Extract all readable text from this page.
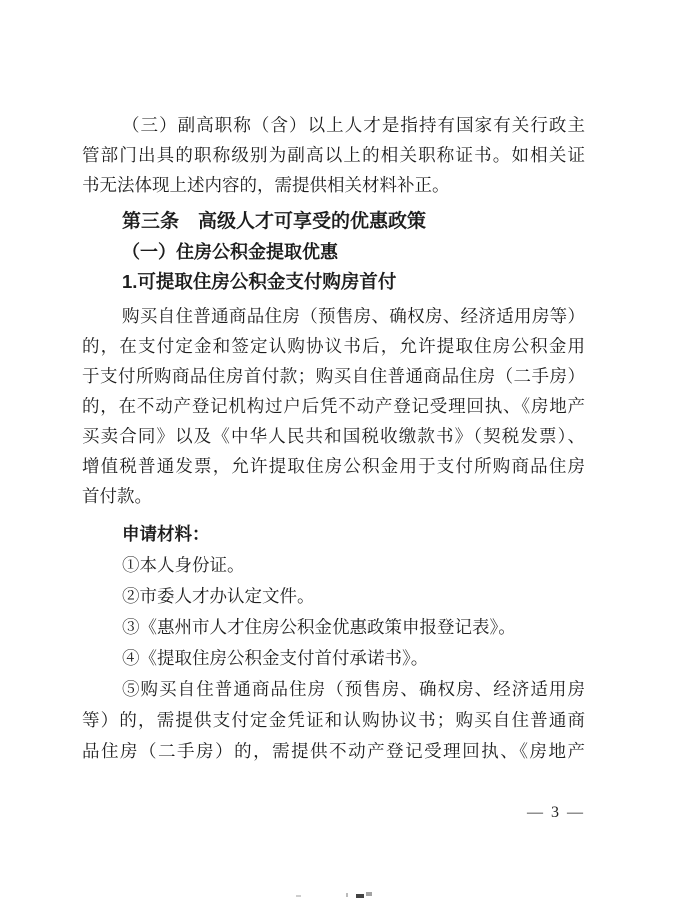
（三）副高职称（含）以上人才是指持有国家有关行政主
管部门出具的职称级别为副高以上的相关职称证书。如相关证
书无法体现上述内容的，需提供相关材料补正。
第三条　高级人才可享受的优惠政策
（一）住房公积金提取优惠
1.可提取住房公积金支付购房首付
购买自住普通商品住房（预售房、确权房、经济适用房等）
的，在支付定金和签定认购协议书后，允许提取住房公积金用
于支付所购商品住房首付款；购买自住普通商品住房（二手房）
的，在不动产登记机构过户后凭不动产登记受理回执、《房地产
买卖合同》以及《中华人民共和国税收缴款书》（契税发票）、
增值税普通发票，允许提取住房公积金用于支付所购商品住房
首付款。
申请材料：
①本人身份证。
②市委人才办认定文件。
③《惠州市人才住房公积金优惠政策申报登记表》。
④《提取住房公积金支付首付承诺书》。
⑤购买自住普通商品住房（预售房、确权房、经济适用房
等）的，需提供支付定金凭证和认购协议书；购买自住普通商
品住房（二手房）的，需提供不动产登记受理回执、《房地产
— 3 —
